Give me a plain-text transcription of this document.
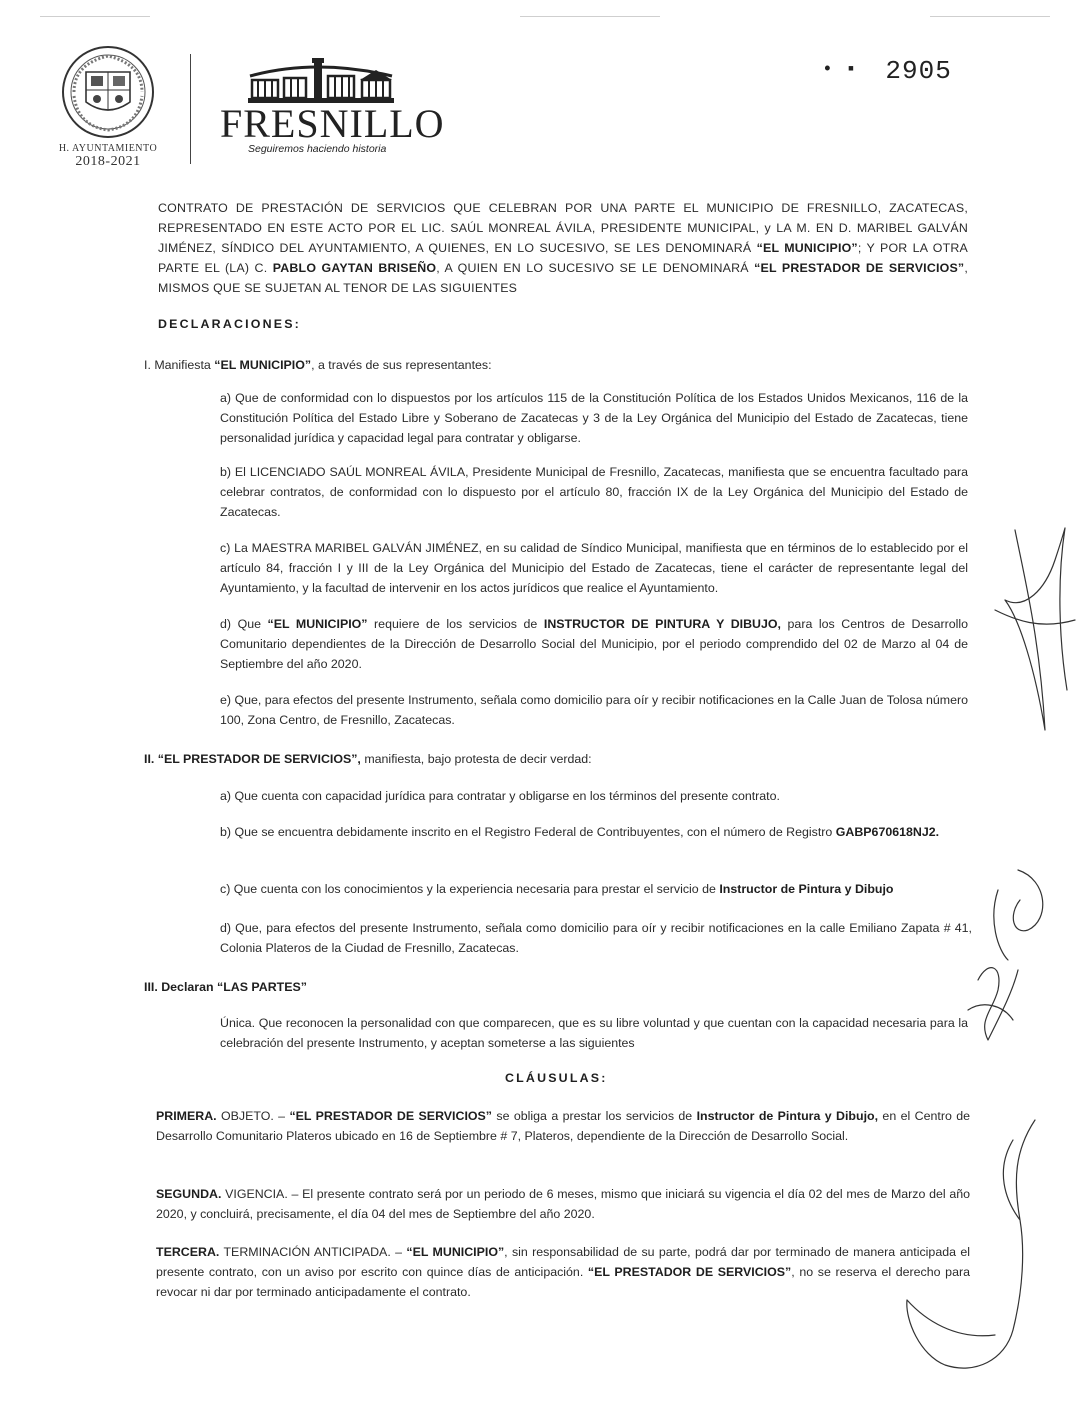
H. AYUNTAMIENTO
2018-2021
FRESNILLO
Seguiremos haciendo historia
• ▪ 2905
CONTRATO DE PRESTACIÓN DE SERVICIOS QUE CELEBRAN POR UNA PARTE EL MUNICIPIO DE FRESNILLO, ZACATECAS, REPRESENTADO EN ESTE ACTO POR EL LIC. SAÚL MONREAL ÁVILA, PRESIDENTE MUNICIPAL, y LA M. EN D. MARIBEL GALVÁN JIMÉNEZ, SÍNDICO DEL AYUNTAMIENTO, A QUIENES, EN LO SUCESIVO, SE LES DENOMINARÁ “EL MUNICIPIO”; Y POR LA OTRA PARTE EL (LA) C. PABLO GAYTAN BRISEÑO, A QUIEN EN LO SUCESIVO SE LE DENOMINARÁ “EL PRESTADOR DE SERVICIOS”, MISMOS QUE SE SUJETAN AL TENOR DE LAS SIGUIENTES
DECLARACIONES:
I. Manifiesta “EL MUNICIPIO”, a través de sus representantes:
a) Que de conformidad con lo dispuestos por los artículos 115 de la Constitución Política de los Estados Unidos Mexicanos, 116 de la Constitución Política del Estado Libre y Soberano de Zacatecas y 3 de la Ley Orgánica del Municipio del Estado de Zacatecas, tiene personalidad jurídica y capacidad legal para contratar y obligarse.
b) El LICENCIADO SAÚL MONREAL ÁVILA, Presidente Municipal de Fresnillo, Zacatecas, manifiesta que se encuentra facultado para celebrar contratos, de conformidad con lo dispuesto por el artículo 80, fracción IX de la Ley Orgánica del Municipio del Estado de Zacatecas.
c) La MAESTRA MARIBEL GALVÁN JIMÉNEZ, en su calidad de Síndico Municipal, manifiesta que en términos de lo establecido por el artículo 84, fracción I y III de la Ley Orgánica del Municipio del Estado de Zacatecas, tiene el carácter de representante legal del Ayuntamiento, y la facultad de intervenir en los actos jurídicos que realice el Ayuntamiento.
d) Que “EL MUNICIPIO” requiere de los servicios de INSTRUCTOR DE PINTURA Y DIBUJO, para los Centros de Desarrollo Comunitario dependientes de la Dirección de Desarrollo Social del Municipio, por el periodo comprendido del 02 de Marzo al 04 de Septiembre del año 2020.
e) Que, para efectos del presente Instrumento, señala como domicilio para oír y recibir notificaciones en la Calle Juan de Tolosa número 100, Zona Centro, de Fresnillo, Zacatecas.
II. “EL PRESTADOR DE SERVICIOS”, manifiesta, bajo protesta de decir verdad:
a) Que cuenta con capacidad jurídica para contratar y obligarse en los términos del presente contrato.
b) Que se encuentra debidamente inscrito en el Registro Federal de Contribuyentes, con el número de Registro GABP670618NJ2.
c) Que cuenta con los conocimientos y la experiencia necesaria para prestar el servicio de Instructor de Pintura y Dibujo
d) Que, para efectos del presente Instrumento, señala como domicilio para oír y recibir notificaciones en la calle Emiliano Zapata # 41, Colonia Plateros de la Ciudad de Fresnillo, Zacatecas.
III. Declaran “LAS PARTES”
Única. Que reconocen la personalidad con que comparecen, que es su libre voluntad y que cuentan con la capacidad necesaria para la celebración del presente Instrumento, y aceptan someterse a las siguientes
CLÁUSULAS:
PRIMERA. OBJETO. – “EL PRESTADOR DE SERVICIOS” se obliga a prestar los servicios de Instructor de Pintura y Dibujo, en el Centro de Desarrollo Comunitario Plateros ubicado en 16 de Septiembre # 7, Plateros, dependiente de la Dirección de Desarrollo Social.
SEGUNDA. VIGENCIA. – El presente contrato será por un periodo de 6 meses, mismo que iniciará su vigencia el día 02 del mes de Marzo del año 2020, y concluirá, precisamente, el día 04 del mes de Septiembre del año 2020.
TERCERA. TERMINACIÓN ANTICIPADA. – “EL MUNICIPIO”, sin responsabilidad de su parte, podrá dar por terminado de manera anticipada el presente contrato, con un aviso por escrito con quince días de anticipación. “EL PRESTADOR DE SERVICIOS”, no se reserva el derecho para revocar ni dar por terminado anticipadamente el contrato.
